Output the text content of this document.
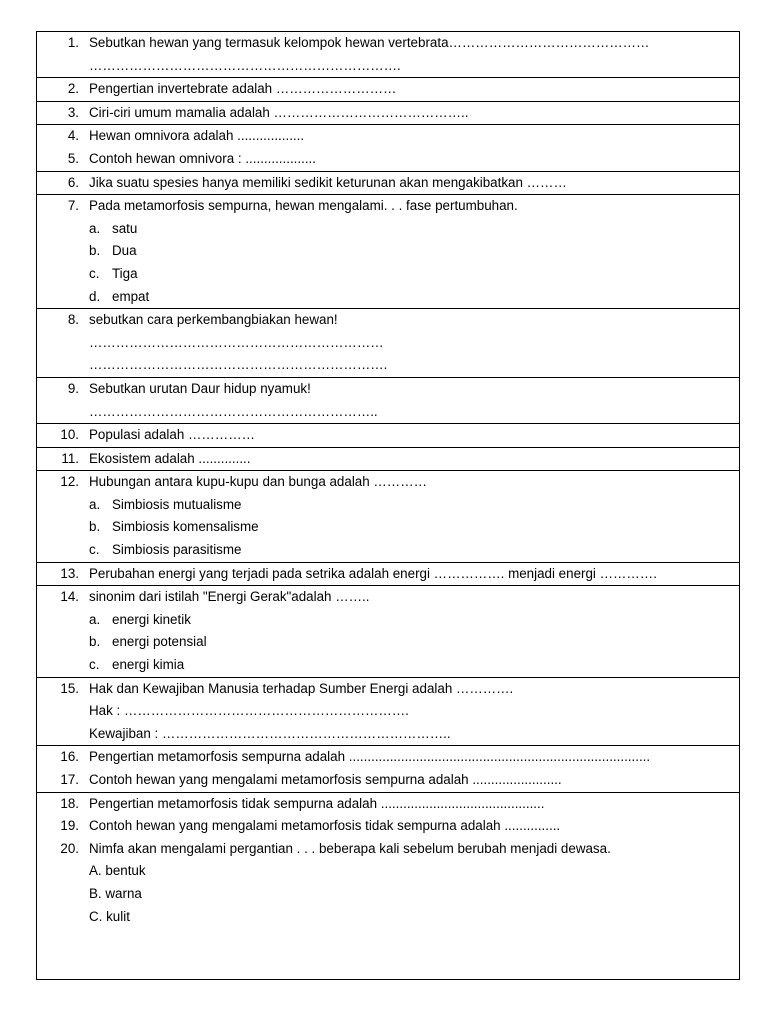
1. Sebutkan hewan yang termasuk kelompok hewan vertebrata………………………………………
…………………………………………………………….
2. Pengertian invertebrate adalah ………………………
3. Ciri-ciri umum mamalia adalah ……………………………………..
4. Hewan omnivora adalah ..................
5. Contoh hewan omnivora : ...................
6. Jika suatu spesies hanya memiliki sedikit keturunan akan mengakibatkan ………
7. Pada metamorfosis sempurna, hewan mengalami. . . fase pertumbuhan.
a. satu
b. Dua
c. Tiga
d. empat
8. sebutkan cara perkembangbiakan hewan!
…………………………………………………………
………………………………………………………….
9. Sebutkan urutan Daur hidup nyamuk!
………………………………………………………..
10. Populasi adalah ……………
11. Ekosistem adalah ..............
12. Hubungan antara kupu-kupu dan bunga adalah …………
a. Simbiosis mutualisme
b. Simbiosis komensalisme
c. Simbiosis parasitisme
13. Perubahan energi yang terjadi pada setrika adalah energi ……………. menjadi energi ………….
14. sinonim dari istilah "Energi Gerak"adalah ……..
a. energi kinetik
b. energi potensial
c. energi kimia
15. Hak dan Kewajiban Manusia terhadap Sumber Energi adalah ………….
Hak : ……………………………………………………….
Kewajiban : ………………………………………………………..
16. Pengertian metamorfosis sempurna adalah .................................................................................
17. Contoh hewan yang mengalami metamorfosis sempurna adalah ........................
18. Pengertian metamorfosis tidak sempurna adalah ............................................
19. Contoh hewan yang mengalami metamorfosis tidak sempurna adalah ...............
20. Nimfa akan mengalami pergantian . . . beberapa kali sebelum berubah menjadi dewasa.
A. bentuk
B. warna
C. kulit
